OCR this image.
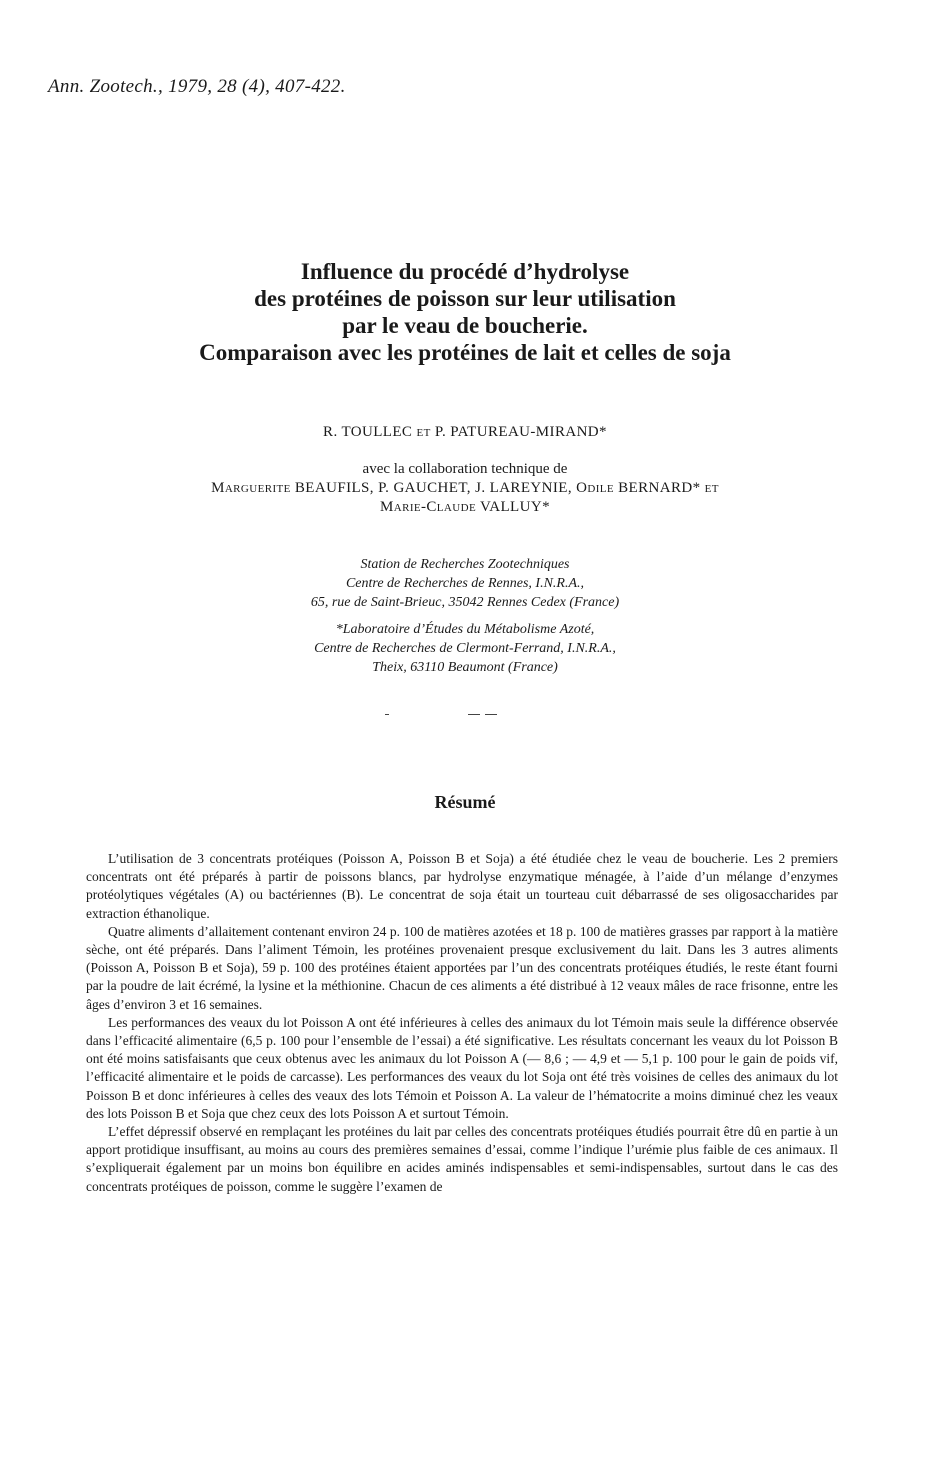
Ann. Zootech., 1979, 28 (4), 407-422.
Influence du procédé d’hydrolyse
des protéines de poisson sur leur utilisation
par le veau de boucherie.
Comparaison avec les protéines de lait et celles de soja
R. TOULLEC et P. PATUREAU-MIRAND*
avec la collaboration technique de
Marguerite BEAUFILS, P. GAUCHET, J. LAREYNIE, Odile BERNARD* et
Marie-Claude VALLUY*
Station de Recherches Zootechniques
Centre de Recherches de Rennes, I.N.R.A.,
65, rue de Saint-Brieuc, 35042 Rennes Cedex (France)
*Laboratoire d’Études du Métabolisme Azoté,
Centre de Recherches de Clermont-Ferrand, I.N.R.A.,
Theix, 63110 Beaumont (France)
Résumé

L’utilisation de 3 concentrats protéiques (Poisson A, Poisson B et Soja) a été étudiée chez le veau de boucherie. Les 2 premiers concentrats ont été préparés à partir de poissons blancs, par hydrolyse enzymatique ménagée, à l’aide d’un mélange d’enzymes protéolytiques végétales (A) ou bactériennes (B). Le concentrat de soja était un tourteau cuit débarrassé de ses oligosaccharides par extraction éthanolique.

Quatre aliments d’allaitement contenant environ 24 p. 100 de matières azotées et 18 p. 100 de matières grasses par rapport à la matière sèche, ont été préparés. Dans l’aliment Témoin, les protéines provenaient presque exclusivement du lait. Dans les 3 autres aliments (Poisson A, Poisson B et Soja), 59 p. 100 des protéines étaient apportées par l’un des concentrats protéiques étudiés, le reste étant fourni par la poudre de lait écrémé, la lysine et la méthionine. Chacun de ces aliments a été distribué à 12 veaux mâles de race frisonne, entre les âges d’environ 3 et 16 semaines.

Les performances des veaux du lot Poisson A ont été inférieures à celles des animaux du lot Témoin mais seule la différence observée dans l’efficacité alimentaire (6,5 p. 100 pour l’ensemble de l’essai) a été significative. Les résultats concernant les veaux du lot Poisson B ont été moins satisfaisants que ceux obtenus avec les animaux du lot Poisson A (— 8,6 ; — 4,9 et — 5,1 p. 100 pour le gain de poids vif, l’efficacité alimentaire et le poids de carcasse). Les performances des veaux du lot Soja ont été très voisines de celles des animaux du lot Poisson B et donc inférieures à celles des veaux des lots Témoin et Poisson A. La valeur de l’hématocrite a moins diminué chez les veaux des lots Poisson B et Soja que chez ceux des lots Poisson A et surtout Témoin.

L’effet dépressif observé en remplaçant les protéines du lait par celles des concentrats protéiques étudiés pourrait être dû en partie à un apport protidique insuffisant, au moins au cours des premières semaines d’essai, comme l’indique l’urémie plus faible de ces animaux. Il s’expliquerait également par un moins bon équilibre en acides aminés indispensables et semi-indispensables, surtout dans le cas des concentrats protéiques de poisson, comme le suggère l’examen de
